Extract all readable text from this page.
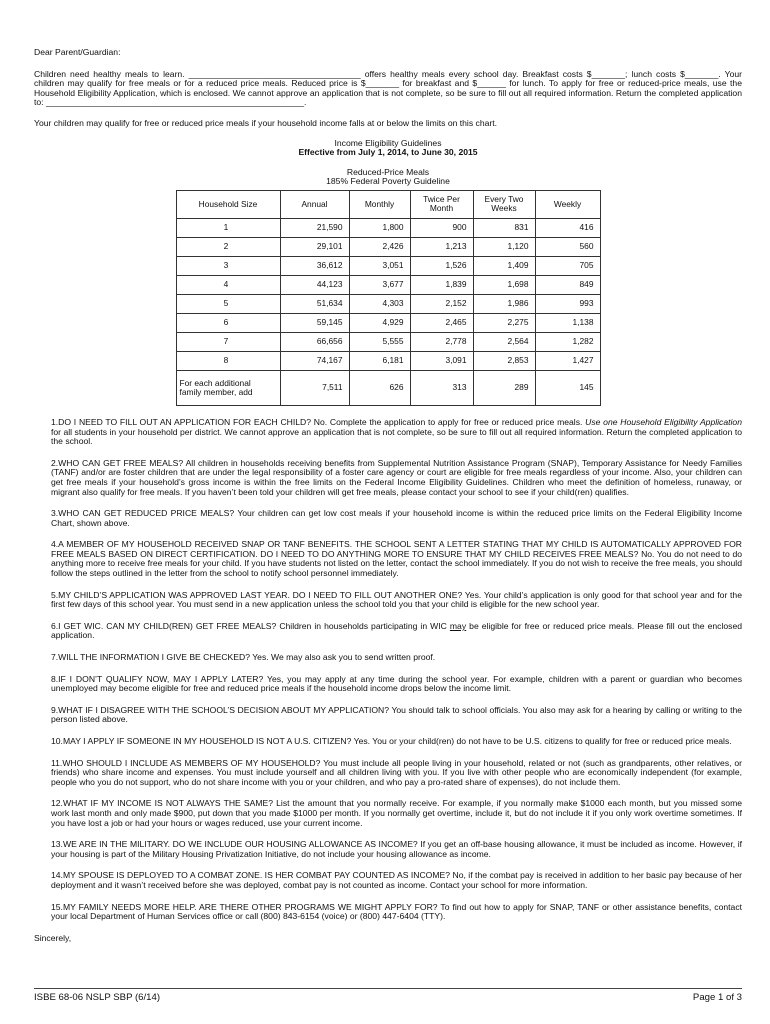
Dear Parent/Guardian:

Children need healthy meals to learn. ____________________________________ offers healthy meals every school day. Breakfast costs $_______; lunch costs $_______. Your children may qualify for free meals or for a reduced price meals. Reduced price is $_______ for breakfast and $______ for lunch. To apply for free or reduced-price meals, use the Household Eligibility Application, which is enclosed. We cannot approve an application that is not complete, so be sure to fill out all required information. Return the completed application to: ______________________________________________________.

Your children may qualify for free or reduced price meals if your household income falls at or below the limits on this chart.

Income Eligibility Guidelines
Effective from July 1, 2014, to June 30, 2015
Reduced-Price Meals
185% Federal Poverty Guideline
Household Size	Annual	Monthly	Twice Per Month	Every Two Weeks	Weekly
1	21,590	1,800	900	831	416
2	29,101	2,426	1,213	1,120	560
3	36,612	3,051	1,526	1,409	705
4	44,123	3,677	1,839	1,698	849
5	51,634	4,303	2,152	1,986	993
6	59,145	4,929	2,465	2,275	1,138
7	66,656	5,555	2,778	2,564	1,282
8	74,167	6,181	3,091	2,853	1,427
For each additional family member, add	7,511	626	313	289	145

1.DO I NEED TO FILL OUT AN APPLICATION FOR EACH CHILD? No. Complete the application to apply for free or reduced price meals. Use one Household Eligibility Application for all students in your household per district. We cannot approve an application that is not complete, so be sure to fill out all required information. Return the completed application to the school.

2.WHO CAN GET FREE MEALS? All children in households receiving benefits from Supplemental Nutrition Assistance Program (SNAP), Temporary Assistance for Needy Families (TANF) and/or are foster children that are under the legal responsibility of a foster care agency or court are eligible for free meals regardless of your income. Also, your children can get free meals if your household’s gross income is within the free limits on the Federal Income Eligibility Guidelines. Children who meet the definition of homeless, runaway, or migrant also qualify for free meals. If you haven’t been told your children will get free meals, please contact your school to see if your child(ren) qualifies.

3.WHO CAN GET REDUCED PRICE MEALS? Your children can get low cost meals if your household income is within the reduced price limits on the Federal Eligibility Income Chart, shown above.

4.A MEMBER OF MY HOUSEHOLD RECEIVED SNAP OR TANF BENEFITS. THE SCHOOL SENT A LETTER STATING THAT MY CHILD IS AUTOMATICALLY APPROVED FOR FREE MEALS BASED ON DIRECT CERTIFICATION. DO I NEED TO DO ANYTHING MORE TO ENSURE THAT MY CHILD RECEIVES FREE MEALS? No. You do not need to do anything more to receive free meals for your child. If you have students not listed on the letter, contact the school immediately. If you do not wish to receive the free meals, you should follow the steps outlined in the letter from the school to notify school personnel immediately.

5.MY CHILD’S APPLICATION WAS APPROVED LAST YEAR. DO I NEED TO FILL OUT ANOTHER ONE? Yes. Your child’s application is only good for that school year and for the first few days of this school year. You must send in a new application unless the school told you that your child is eligible for the new school year.

6.I GET WIC. CAN MY CHILD(REN) GET FREE MEALS? Children in households participating in WIC may be eligible for free or reduced price meals. Please fill out the enclosed application.

7.WILL THE INFORMATION I GIVE BE CHECKED? Yes. We may also ask you to send written proof.

8.IF I DON’T QUALIFY NOW, MAY I APPLY LATER? Yes, you may apply at any time during the school year. For example, children with a parent or guardian who becomes unemployed may become eligible for free and reduced price meals if the household income drops below the income limit.

9.WHAT IF I DISAGREE WITH THE SCHOOL’S DECISION ABOUT MY APPLICATION? You should talk to school officials. You also may ask for a hearing by calling or writing to the person listed above.

10.MAY I APPLY IF SOMEONE IN MY HOUSEHOLD IS NOT A U.S. CITIZEN? Yes. You or your child(ren) do not have to be U.S. citizens to qualify for free or reduced price meals.

11.WHO SHOULD I INCLUDE AS MEMBERS OF MY HOUSEHOLD? You must include all people living in your household, related or not (such as grandparents, other relatives, or friends) who share income and expenses. You must include yourself and all children living with you. If you live with other people who are economically independent (for example, people who you do not support, who do not share income with you or your children, and who pay a pro-rated share of expenses), do not include them.

12.WHAT IF MY INCOME IS NOT ALWAYS THE SAME? List the amount that you normally receive. For example, if you normally make $1000 each month, but you missed some work last month and only made $900, put down that you made $1000 per month. If you normally get overtime, include it, but do not include it if you only work overtime sometimes. If you have lost a job or had your hours or wages reduced, use your current income.

13.WE ARE IN THE MILITARY. DO WE INCLUDE OUR HOUSING ALLOWANCE AS INCOME? If you get an off-base housing allowance, it must be included as income. However, if your housing is part of the Military Housing Privatization Initiative, do not include your housing allowance as income.

14.MY SPOUSE IS DEPLOYED TO A COMBAT ZONE. IS HER COMBAT PAY COUNTED AS INCOME? No, if the combat pay is received in addition to her basic pay because of her deployment and it wasn’t received before she was deployed, combat pay is not counted as income. Contact your school for more information.

15.MY FAMILY NEEDS MORE HELP. ARE THERE OTHER PROGRAMS WE MIGHT APPLY FOR? To find out how to apply for SNAP, TANF or other assistance benefits, contact your local Department of Human Services office or call (800) 843-6154 (voice) or (800) 447-6404 (TTY).

Sincerely,

ISBE 68-06 NSLP SBP (6/14)	Page 1 of 3
